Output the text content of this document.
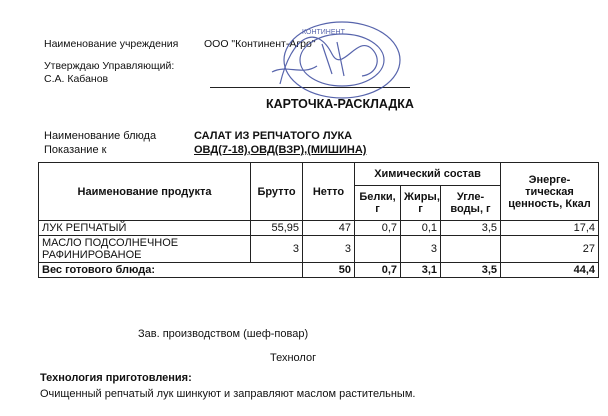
Наименование учреждения ООО "Континент-Агро"
Утверждаю Управляющий:
С.А. Кабанов
КОНТИНЕНТ
КАРТОЧКА-РАСКЛАДКА
Наименование блюда	САЛАТ ИЗ РЕПЧАТОГО ЛУКА
Показание к	ОВД(7-18),ОВД(ВЗР),(МИШИНА)
Наименование продукта	Брутто	Нетто	Химический состав			Энерге- тическая ценность, Ккал
			Белки, г	Жиры, г	Угле- воды, г	
ЛУК РЕПЧАТЫЙ	55,95	47	0,7	0,1	3,5	17,4
МАСЛО ПОДСОЛНЕЧНОЕ РАФИНИРОВАНОЕ	3	3		3		27
Вес готового блюда:		50	0,7	3,1	3,5	44,4
Зав. производством (шеф-повар)
Технолог
Технология приготовления:
Очищенный репчатый лук шинкуют и заправляют маслом растительным.
